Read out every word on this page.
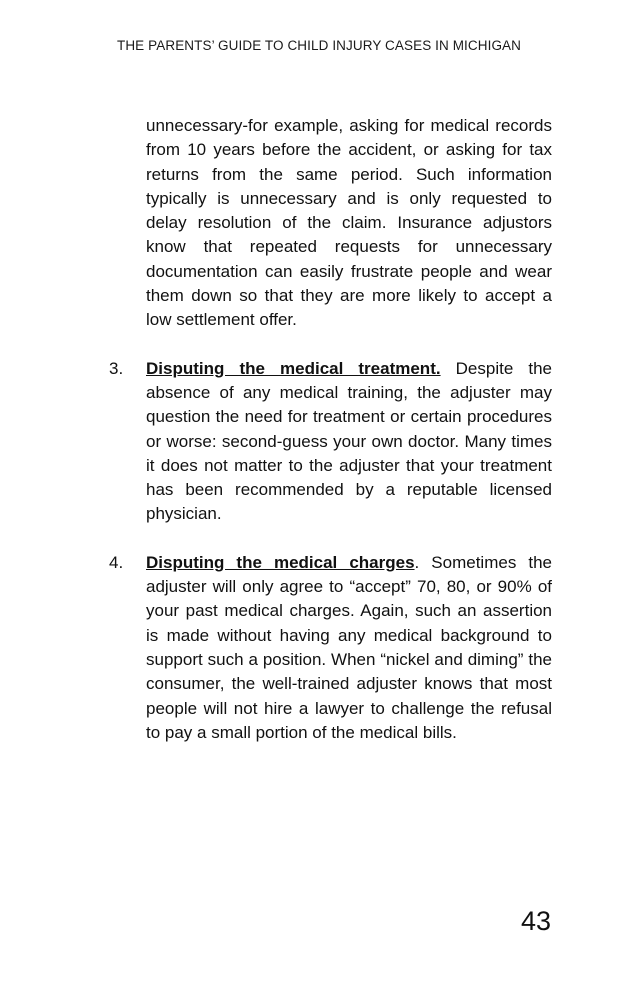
THE PARENTS’ GUIDE TO CHILD INJURY CASES IN MICHIGAN

unnecessary-for example, asking for medical records from 10 years before the accident, or asking for tax returns from the same period. Such information typically is unnecessary and is only requested to delay resolution of the claim. Insurance adjustors know that repeated requests for unnecessary documentation can easily frustrate people and wear them down so that they are more likely to accept a low settlement offer.

3. Disputing the medical treatment. Despite the absence of any medical training, the adjuster may question the need for treatment or certain procedures or worse: second-guess your own doctor. Many times it does not matter to the adjuster that your treatment has been recommended by a reputable licensed physician.
4. Disputing the medical charges. Sometimes the adjuster will only agree to “accept” 70, 80, or 90% of your past medical charges. Again, such an assertion is made without having any medical background to support such a position. When “nickel and diming” the consumer, the well-trained adjuster knows that most people will not hire a lawyer to challenge the refusal to pay a small portion of the medical bills.
43
